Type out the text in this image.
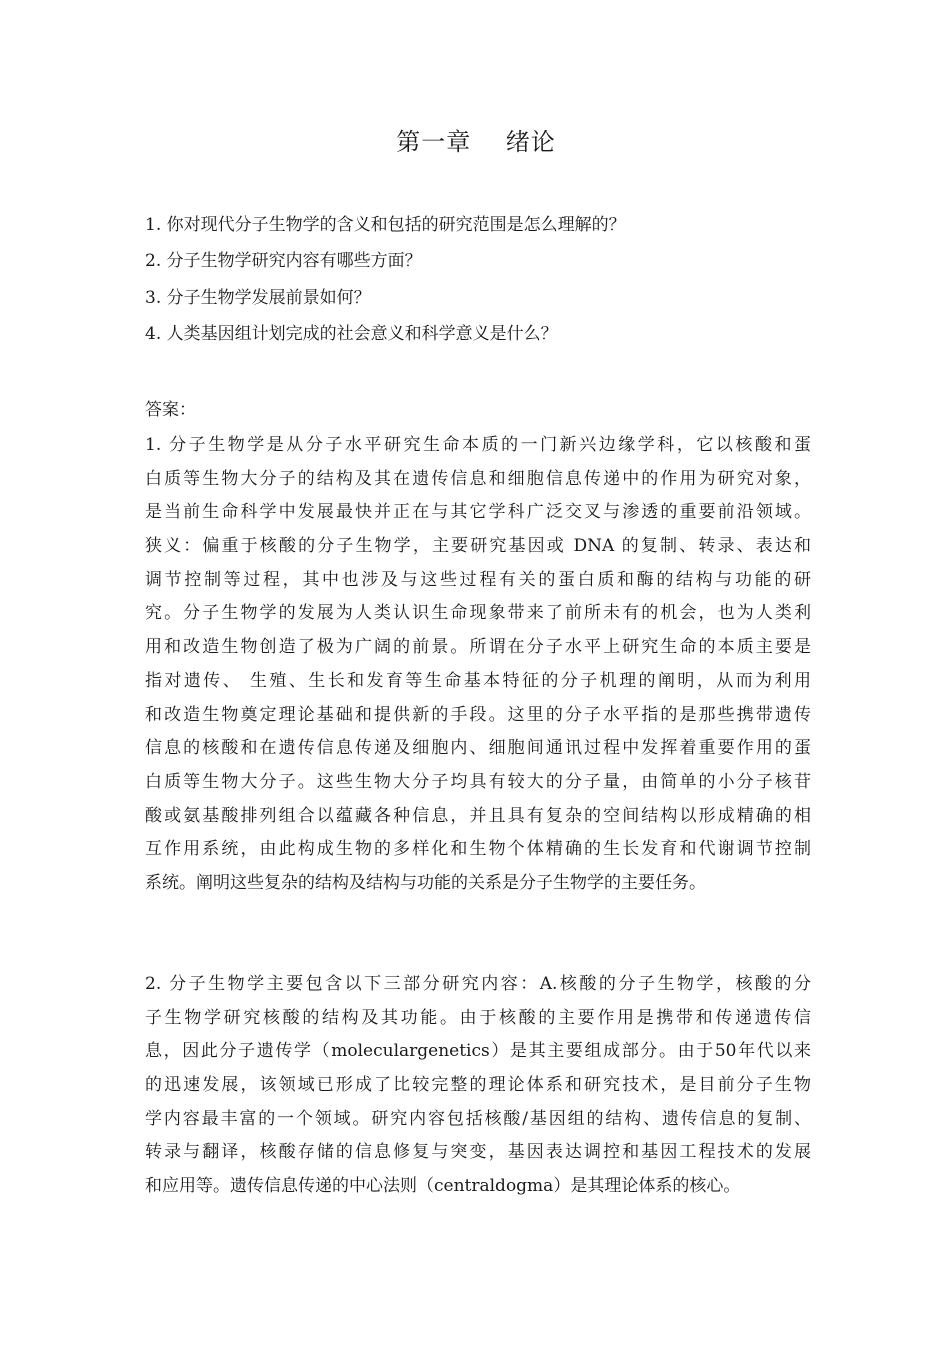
第一章    绪论
1. 你对现代分子生物学的含义和包括的研究范围是怎么理解的？
2. 分子生物学研究内容有哪些方面？
3. 分子生物学发展前景如何？
4. 人类基因组计划完成的社会意义和科学意义是什么？
答案：
1. 分子生物学是从分子水平研究生命本质的一门新兴边缘学科，它以核酸和蛋
白质等生物大分子的结构及其在遗传信息和细胞信息传递中的作用为研究对象，
是当前生命科学中发展最快并正在与其它学科广泛交叉与渗透的重要前沿领域。
狭义：偏重于核酸的分子生物学，主要研究基因或 DNA 的复制、转录、表达和
调节控制等过程，其中也涉及与这些过程有关的蛋白质和酶的结构与功能的研
究。分子生物学的发展为人类认识生命现象带来了前所未有的机会，也为人类利
用和改造生物创造了极为广阔的前景。所谓在分子水平上研究生命的本质主要是
指对遗传、 生殖、生长和发育等生命基本特征的分子机理的阐明，从而为利用
和改造生物奠定理论基础和提供新的手段。这里的分子水平指的是那些携带遗传
信息的核酸和在遗传信息传递及细胞内、细胞间通讯过程中发挥着重要作用的蛋
白质等生物大分子。这些生物大分子均具有较大的分子量，由简单的小分子核苷
酸或氨基酸排列组合以蕴藏各种信息，并且具有复杂的空间结构以形成精确的相
互作用系统，由此构成生物的多样化和生物个体精确的生长发育和代谢调节控制
系统。阐明这些复杂的结构及结构与功能的关系是分子生物学的主要任务。
2. 分子生物学主要包含以下三部分研究内容：A.核酸的分子生物学，核酸的分
子生物学研究核酸的结构及其功能。由于核酸的主要作用是携带和传递遗传信
息，因此分子遗传学（moleculargenetics）是其主要组成部分。由于50年代以来
的迅速发展，该领域已形成了比较完整的理论体系和研究技术，是目前分子生物
学内容最丰富的一个领域。研究内容包括核酸/基因组的结构、遗传信息的复制、
转录与翻译，核酸存储的信息修复与突变，基因表达调控和基因工程技术的发展
和应用等。遗传信息传递的中心法则（centraldogma）是其理论体系的核心。
